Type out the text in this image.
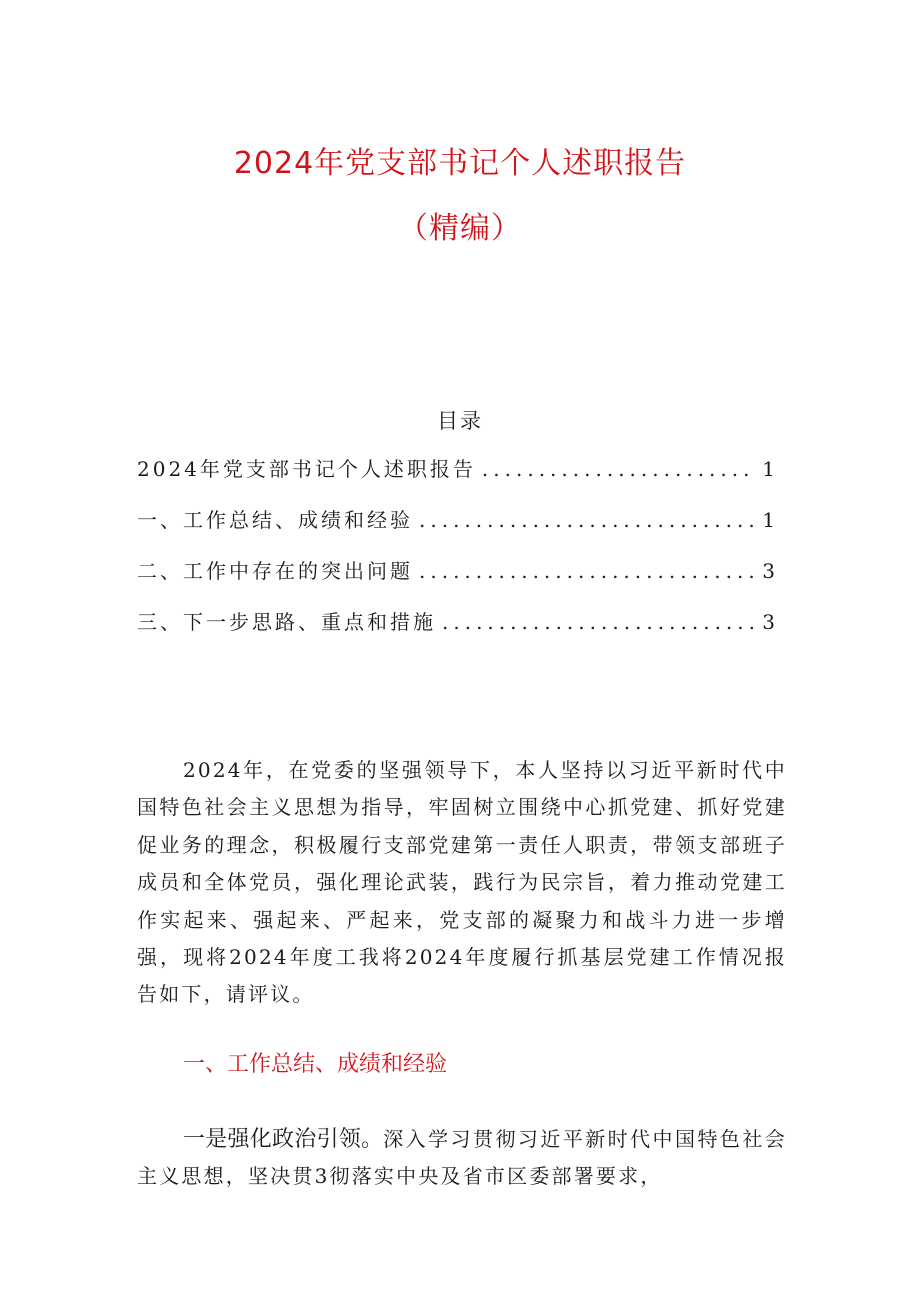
2024年党支部书记个人述职报告
（精编）
目录
2024年党支部书记个人述职报告 .....	1
一、工作总结、成绩和经验 .....	1
二、工作中存在的突出问题 .....	3
三、下一步思路、重点和措施 .....	3

2024年，在党委的坚强领导下，本人坚持以习近平新时代中国特色社会主义思想为指导，牢固树立围绕中心抓党建、抓好党建促业务的理念，积极履行支部党建第一责任人职责，带领支部班子成员和全体党员，强化理论武装，践行为民宗旨，着力推动党建工作实起来、强起来、严起来，党支部的凝聚力和战斗力进一步增强，现将2024年度工我将2024年度履行抓基层党建工作情况报告如下，请评议。

一、工作总结、成绩和经验

一是强化政治引领。深入学习贯彻习近平新时代中国特色社会主义思想，坚决贯3彻落实中央及省市区委部署要求，
